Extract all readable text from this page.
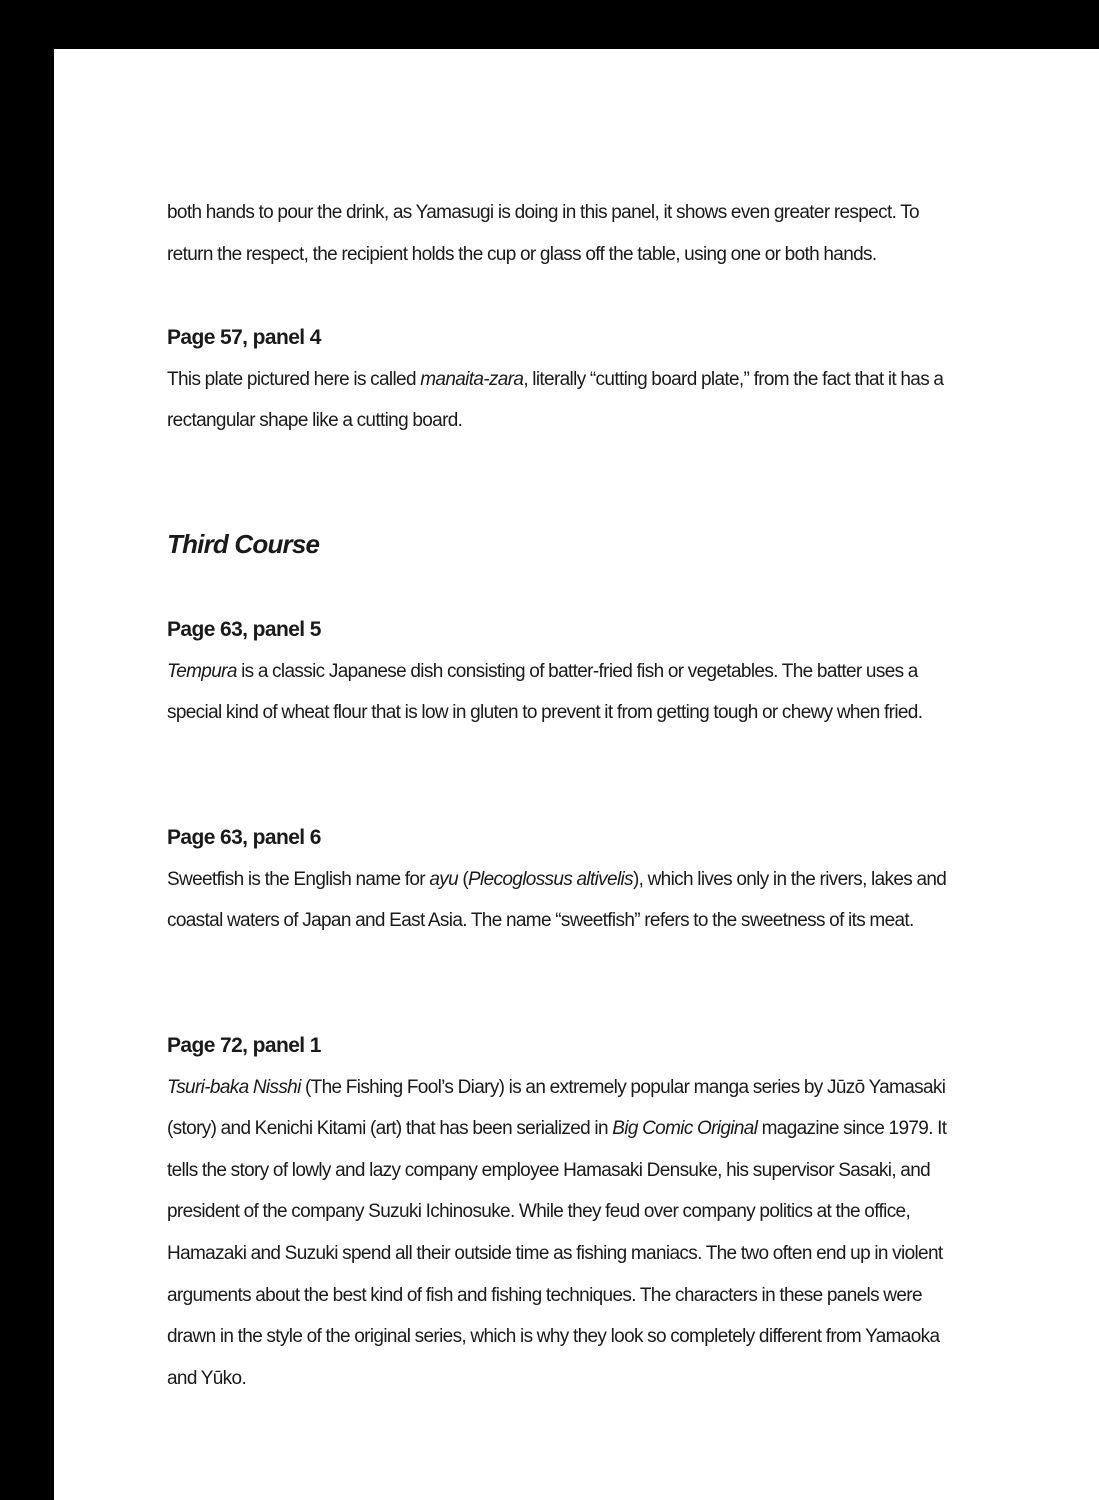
both hands to pour the drink, as Yamasugi is doing in this panel, it shows even greater respect. To return the respect, the recipient holds the cup or glass off the table, using one or both hands.

Page 57, panel 4

This plate pictured here is called manaita-zara, literally “cutting board plate,” from the fact that it has a rectangular shape like a cutting board.

Third Course
Page 63, panel 5

Tempura is a classic Japanese dish consisting of batter-fried fish or vegetables. The batter uses a special kind of wheat flour that is low in gluten to prevent it from getting tough or chewy when fried.

Page 63, panel 6

Sweetfish is the English name for ayu (Plecoglossus altivelis), which lives only in the rivers, lakes and coastal waters of Japan and East Asia. The name “sweetfish” refers to the sweetness of its meat.

Page 72, panel 1

Tsuri-baka Nisshi (The Fishing Fool’s Diary) is an extremely popular manga series by Jūzō Yamasaki (story) and Kenichi Kitami (art) that has been serialized in Big Comic Original magazine since 1979. It tells the story of lowly and lazy company employee Hamasaki Densuke, his supervisor Sasaki, and president of the company Suzuki Ichinosuke. While they feud over company politics at the office, Hamazaki and Suzuki spend all their outside time as fishing maniacs. The two often end up in violent arguments about the best kind of fish and fishing techniques. The characters in these panels were drawn in the style of the original series, which is why they look so completely different from Yamaoka and Yūko.
